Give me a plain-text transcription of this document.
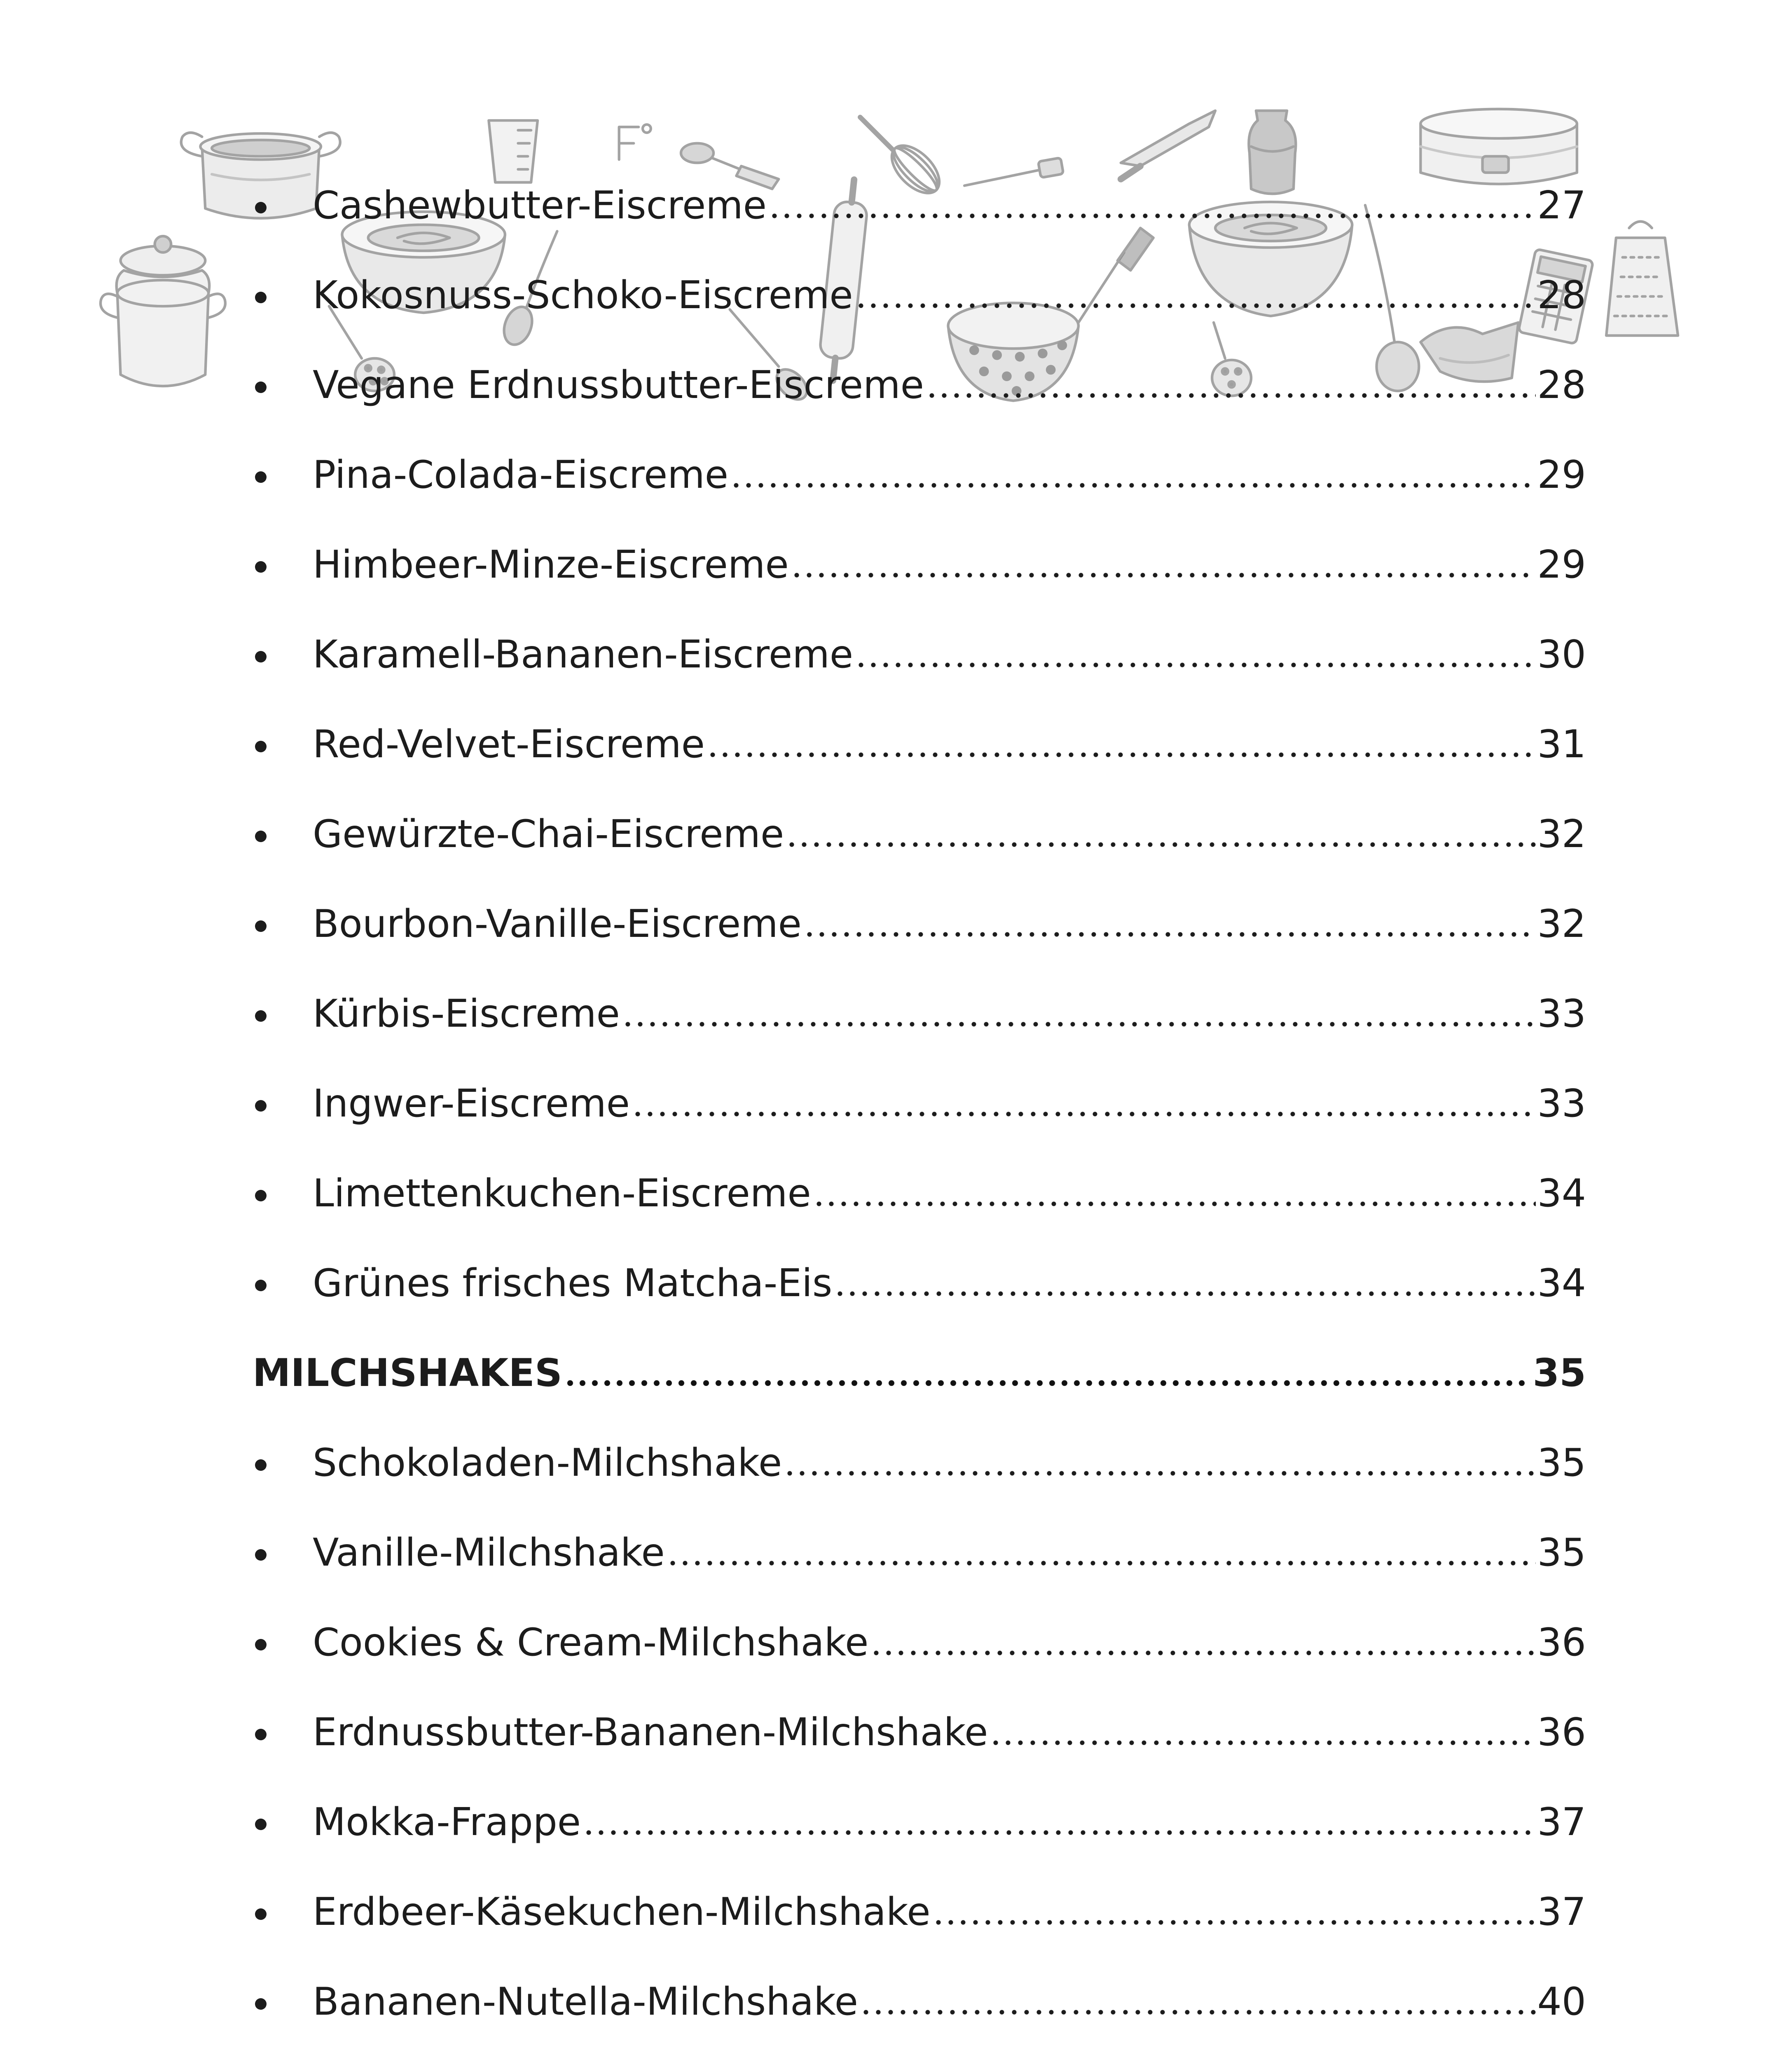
Cashewbutter-Eiscreme	27
Kokosnuss-Schoko-Eiscreme	28
Vegane Erdnussbutter-Eiscreme	28
Pina-Colada-Eiscreme	29
Himbeer-Minze-Eiscreme	29
Karamell-Bananen-Eiscreme	30
Red-Velvet-Eiscreme	31
Gewürzte-Chai-Eiscreme	32
Bourbon-Vanille-Eiscreme	32
Kürbis-Eiscreme	33
Ingwer-Eiscreme	33
Limettenkuchen-Eiscreme	34
Grünes frisches Matcha-Eis	34
MILCHSHAKES	35
Schokoladen-Milchshake	35
Vanille-Milchshake	35
Cookies & Cream-Milchshake	36
Erdnussbutter-Bananen-Milchshake	36
Mokka-Frappe	37
Erdbeer-Käsekuchen-Milchshake	37
Bananen-Nutella-Milchshake	40
